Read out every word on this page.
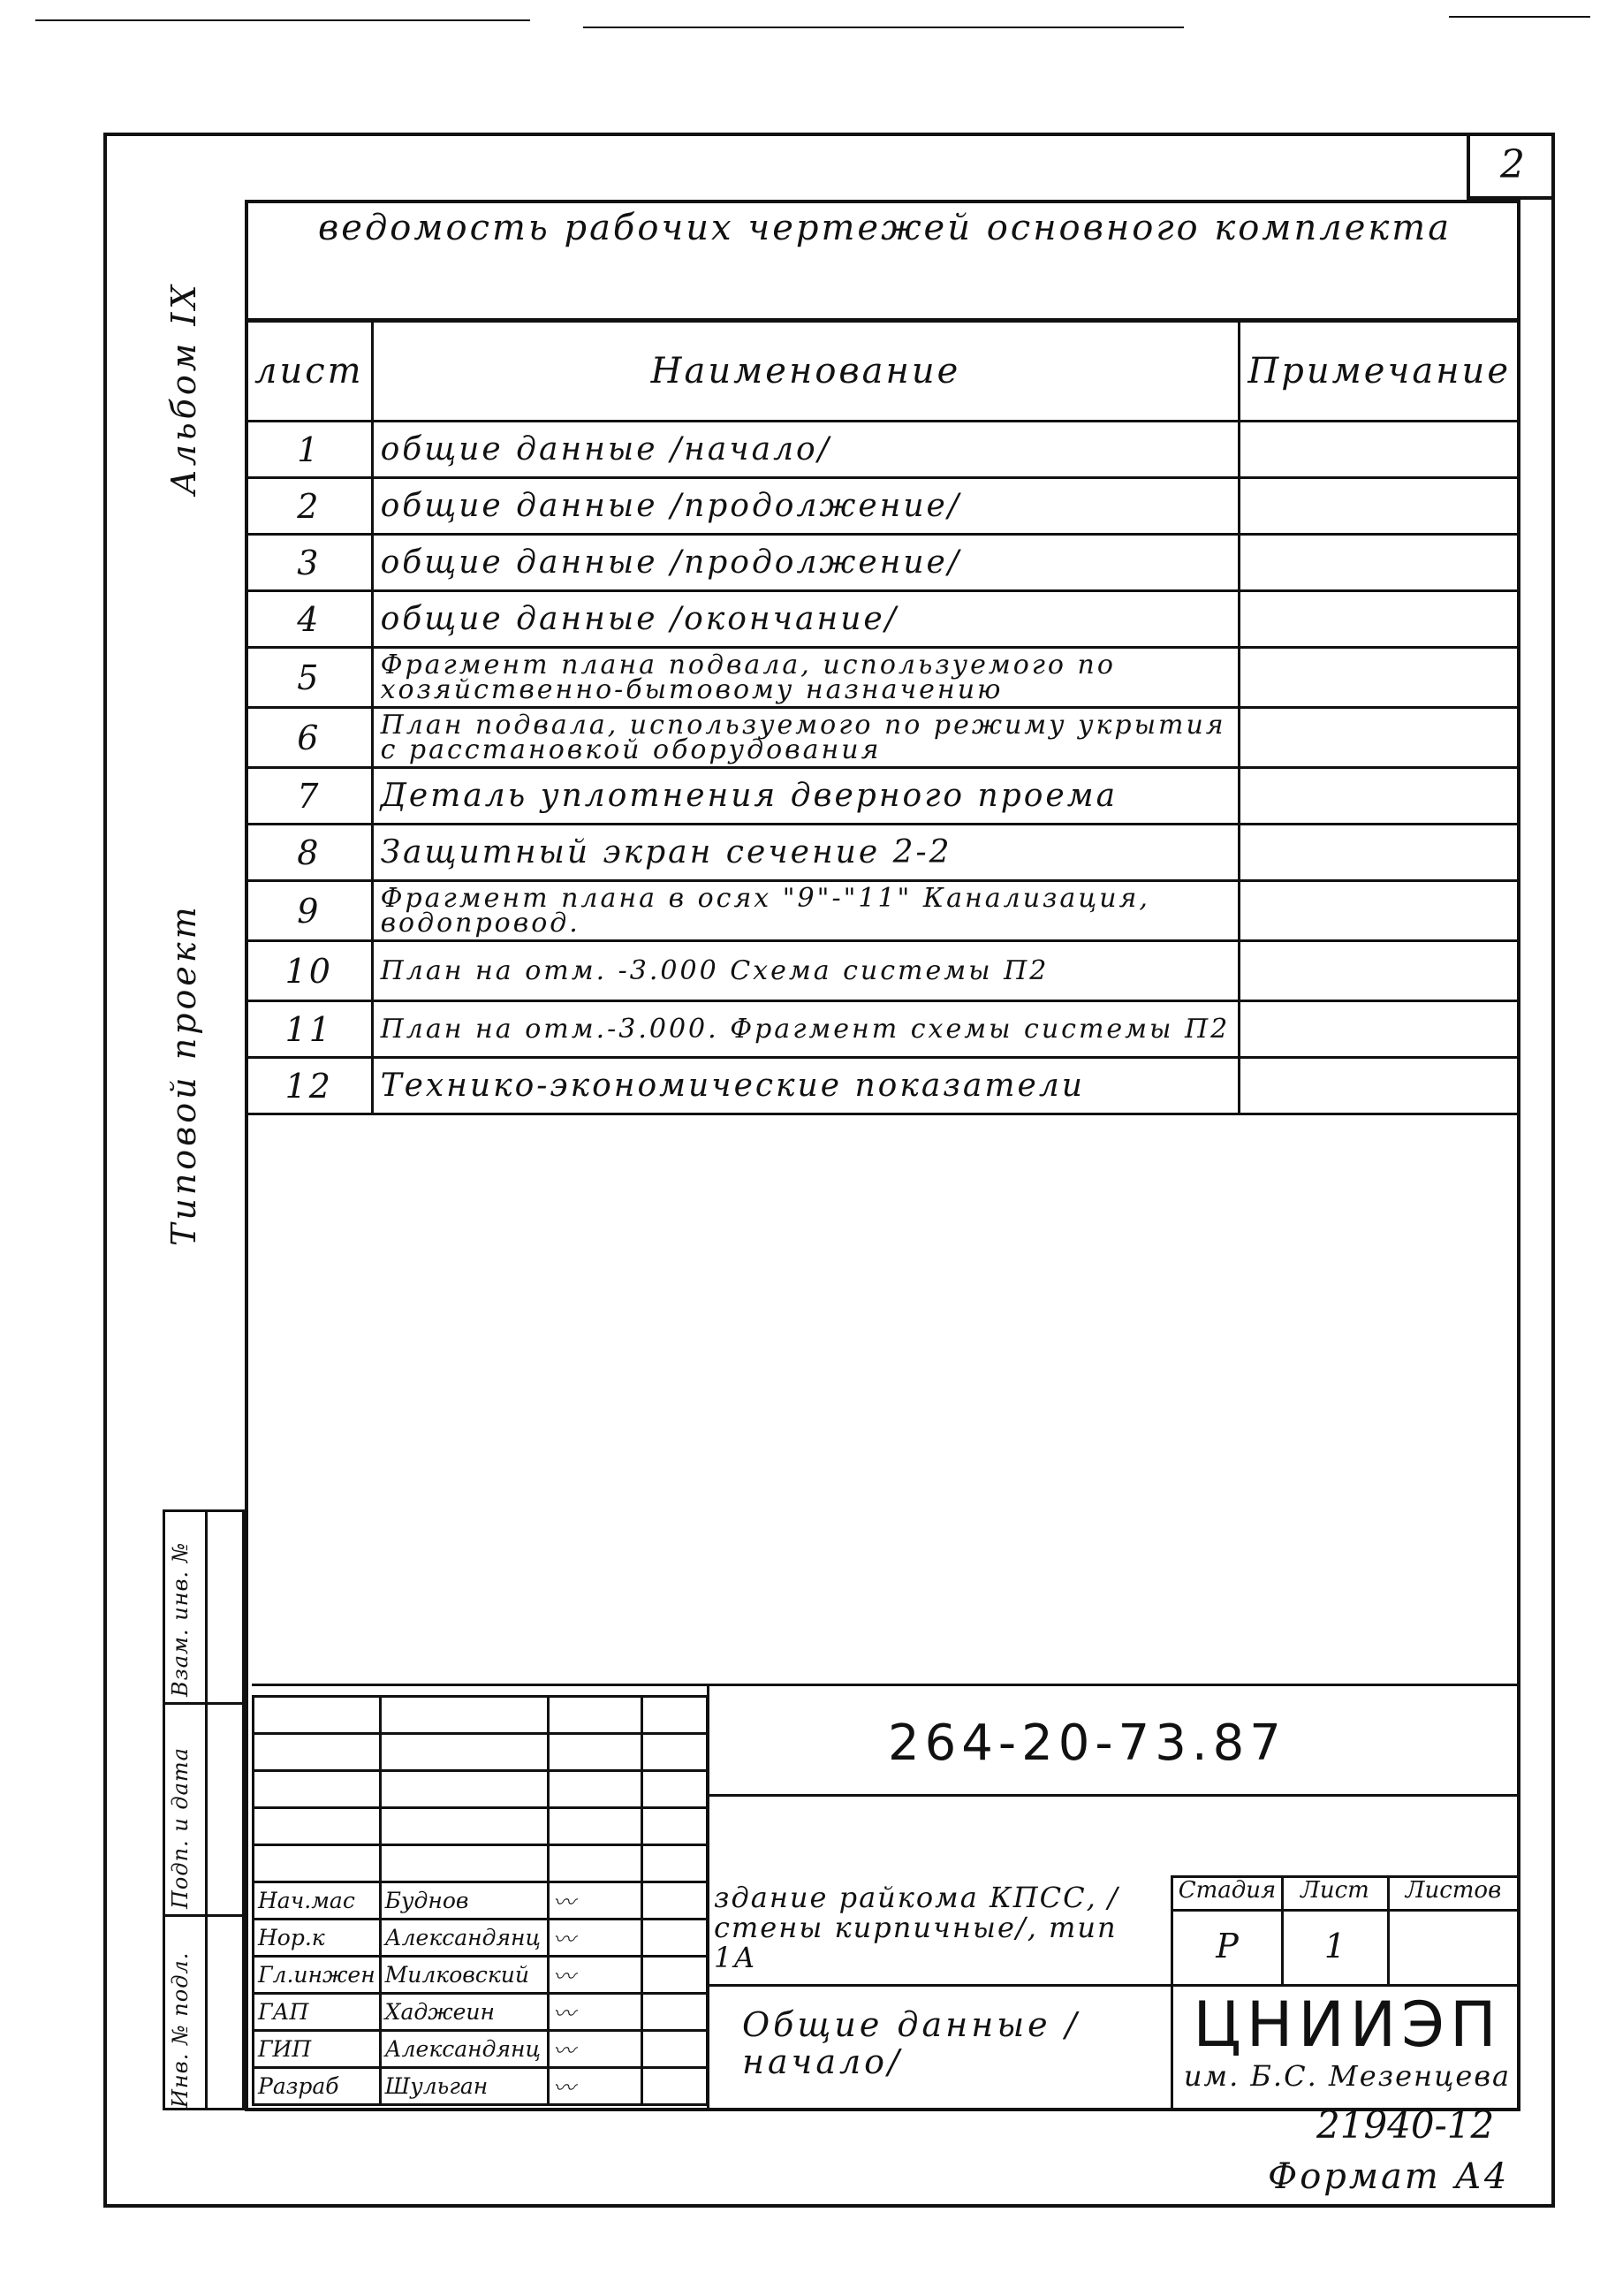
2
Альбом IX
Типовой проект
ведомость рабочих чертежей основного комплекта
лист	Наименование	Примечание
1	общие данные /начало/	
2	общие данные /продолжение/	
3	общие данные /продолжение/	
4	общие данные /окончание/	
5	Фрагмент плана подвала, используемого по хозяйственно-бытовому назначению	
6	План подвала, используемого по режиму укрытия с расстановкой оборудования	
7	Деталь уплотнения дверного проема	
8	Защитный экран сечение 2-2	
9	Фрагмент плана в осях "9"-"11" Канализация, водопровод.	
10	План на отм. -3.000 Схема системы П2	
11	План на отм.-3.000. Фрагмент схемы системы П2	
12	Технико-экономические показатели	
Инв. № подл.
Подп. и дата
Взам. инв. №

Нач.мас	Буднов	〰	
Нор.к	Александянц	〰	
Гл.инжен	Милковский	〰	
ГАП	Хаджеин	〰	
ГИП	Александянц	〰	
Разраб	Шульган	〰	
264-20-73.87
здание райкома КПСС, /стены кирпичные/, тип 1А
Стадия	Лист	Листов
Р	1
Общие данные /начало/
ЦНИИЭП
им. Б.С. Мезенцева
21940-12
Формат А4
